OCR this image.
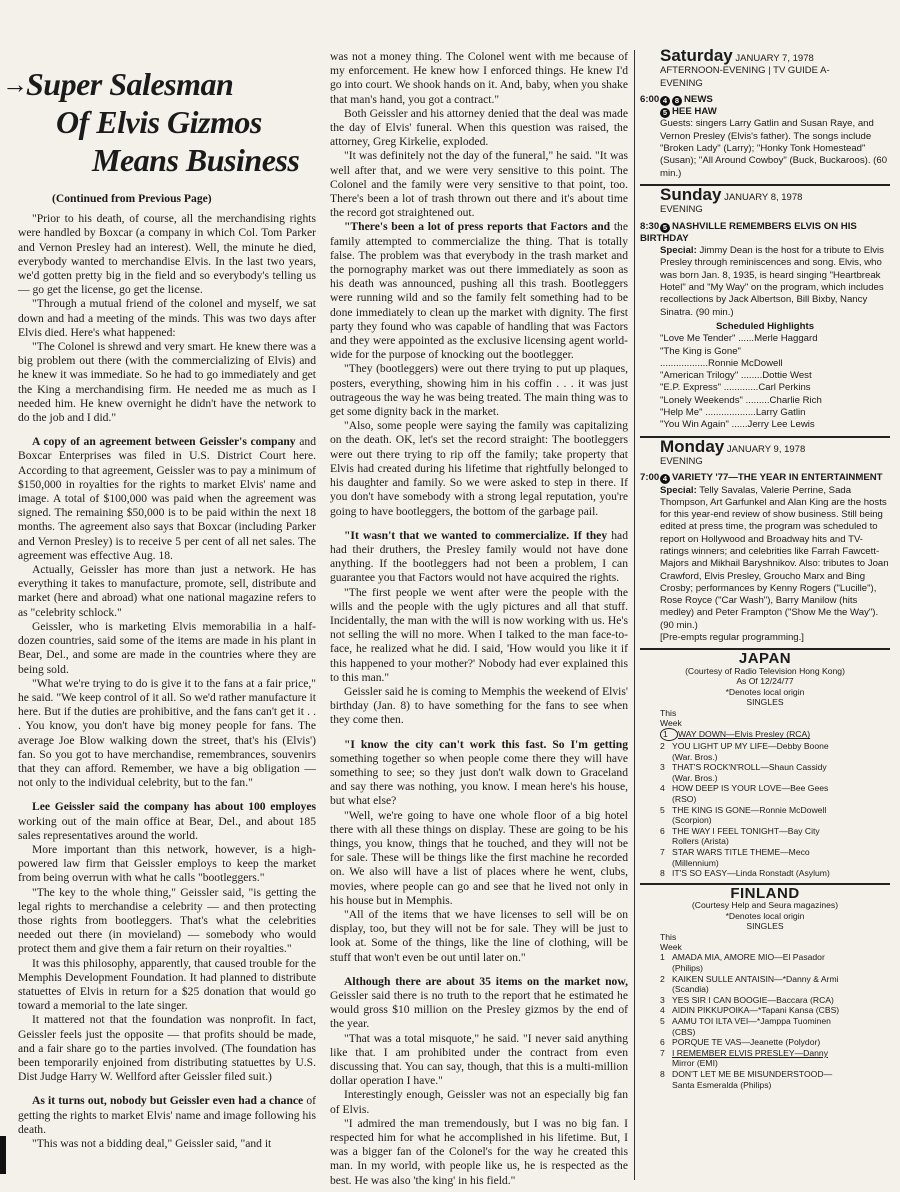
→
Super Salesman
Of Elvis Gizmos
Means Business

(Continued from Previous Page)

"Prior to his death, of course, all the merchandising rights were handled by Boxcar (a company in which Col. Tom Parker and Vernon Presley had an interest). Well, the minute he died, everybody wanted to merchandise Elvis. In the last two years, we'd gotten pretty big in the field and so everybody's telling us — go get the license, go get the license.

"Through a mutual friend of the colonel and myself, we sat down and had a meeting of the minds. This was two days after Elvis died. Here's what happened:

"The Colonel is shrewd and very smart. He knew there was a big problem out there (with the commercializing of Elvis) and he knew it was immediate. So he had to go immediately and get the King a merchandising firm. He needed me as much as I needed him. He knew overnight he didn't have the network to do the job and I did."

A copy of an agreement between Geissler's company and Boxcar Enterprises was filed in U.S. District Court here. According to that agreement, Geissler was to pay a minimum of $150,000 in royalties for the rights to market Elvis' name and image. A total of $100,000 was paid when the agreement was signed. The remaining $50,000 is to be paid within the next 18 months. The agreement also says that Boxcar (including Parker and Vernon Presley) is to receive 5 per cent of all net sales. The agreement was effective Aug. 18.

Actually, Geissler has more than just a network. He has everything it takes to manufacture, promote, sell, distribute and market (here and abroad) what one national magazine refers to as "celebrity schlock."

Geissler, who is marketing Elvis memorabilia in a half-dozen countries, said some of the items are made in his plant in Bear, Del., and some are made in the countries where they are being sold.

"What we're trying to do is give it to the fans at a fair price," he said. "We keep control of it all. So we'd rather manufacture it here. But if the duties are prohibitive, and the fans can't get it . . . You know, you don't have big money people for fans. The average Joe Blow walking down the street, that's his (Elvis') fan. So you got to have merchandise, remembrances, souvenirs that they can afford. Remember, we have a big obligation — not only to the individual celebrity, but to the fan."

Lee Geissler said the company has about 100 employes working out of the main office at Bear, Del., and about 185 sales representatives around the world.

More important than this network, however, is a high-powered law firm that Geissler employs to keep the market from being overrun with what he calls "bootleggers."

"The key to the whole thing," Geissler said, "is getting the legal rights to merchandise a celebrity — and then protecting those rights from bootleggers. That's what the celebrities needed out there (in movieland) — somebody who would protect them and give them a fair return on their royalties."

It was this philosophy, apparently, that caused trouble for the Memphis Development Foundation. It had planned to distribute statuettes of Elvis in return for a $25 donation that would go toward a memorial to the late singer.

It mattered not that the foundation was nonprofit. In fact, Geissler feels just the opposite — that profits should be made, and a fair share go to the parties involved. (The foundation has been temporarily enjoined from distributing statuettes by U.S. Dist Judge Harry W. Wellford after Geissler filed suit.)

As it turns out, nobody but Geissler even had a chance of getting the rights to market Elvis' name and image following his death.

"This was not a bidding deal," Geissler said, "and it

was not a money thing. The Colonel went with me because of my enforcement. He knew how I enforced things. He knew I'd go into court. We shook hands on it. And, baby, when you shake that man's hand, you got a contract."

Both Geissler and his attorney denied that the deal was made the day of Elvis' funeral. When this question was raised, the attorney, Greg Kirkelie, exploded.

"It was definitely not the day of the funeral," he said. "It was well after that, and we were very sensitive to this point. The Colonel and the family were very sensitive to that point, too. There's been a lot of trash thrown out there and it's about time the record got straightened out.

"There's been a lot of press reports that Factors and the family attempted to commercialize the thing. That is totally false. The problem was that everybody in the trash market and the pornography market was out there immediately as soon as his death was announced, pushing all this trash. Bootleggers were running wild and so the family felt something had to be done immediately to clean up the market with dignity. The first party they found who was capable of handling that was Factors and they were appointed as the exclusive licensing agent world-wide for the purpose of knocking out the bootlegger.

"They (bootleggers) were out there trying to put up plaques, posters, everything, showing him in his coffin . . . it was just outrageous the way he was being treated. The main thing was to get some dignity back in the market.

"Also, some people were saying the family was capitalizing on the death. OK, let's set the record straight: The bootleggers were out there trying to rip off the family; take property that Elvis had created during his lifetime that rightfully belonged to his daughter and family. So we were asked to step in there. If you don't have somebody with a strong legal reputation, you're going to have bootleggers, the bottom of the garbage pail.

"It wasn't that we wanted to commercialize. If they had had their druthers, the Presley family would not have done anything. If the bootleggers had not been a problem, I can guarantee you that Factors would not have acquired the rights.

"The first people we went after were the people with the wills and the people with the ugly pictures and all that stuff. Incidentally, the man with the will is now working with us. He's not selling the will no more. When I talked to the man face-to-face, he realized what he did. I said, 'How would you like it if this happened to your mother?' Nobody had ever explained this to this man."

Geissler said he is coming to Memphis the weekend of Elvis' birthday (Jan. 8) to have something for the fans to see when they come then.

"I know the city can't work this fast. So I'm getting something together so when people come there they will have something to see; so they just don't walk down to Graceland and say there was nothing, you know. I mean here's his house, but what else?

"Well, we're going to have one whole floor of a big hotel there with all these things on display. These are going to be his things, you know, things that he touched, and they will not be for sale. These will be things like the first machine he recorded on. We also will have a list of places where he went, clubs, movies, where people can go and see that he lived not only in his house but in Memphis.

"All of the items that we have licenses to sell will be on display, too, but they will not be for sale. They will be just to look at. Some of the things, like the line of clothing, will be stuff that won't even be out until later on."

Although there are about 35 items on the market now, Geissler said there is no truth to the report that he estimated he would gross $10 million on the Presley gizmos by the end of the year.

"That was a total misquote," he said. "I never said anything like that. I am prohibited under the contract from even discussing that. You can say, though, that this is a multi-million dollar operation I have."

Interestingly enough, Geissler was not an especially big fan of Elvis.

"I admired the man tremendously, but I was no big fan. I respected him for what he accomplished in his lifetime. But, I was a bigger fan of the Colonel's for the way he created this man. In my world, with people like us, he is respected as the best. He was also 'the king' in his field."

Saturday JANUARY 7, 1978
AFTERNOON-EVENING | TV GUIDE A-
EVENING
6:00 4 8 NEWS
5 HEE HAW
Guests: singers Larry Gatlin and Susan Raye, and Vernon Presley (Elvis's father). The songs include "Broken Lady" (Larry); "Honky Tonk Homestead" (Susan); "All Around Cowboy" (Buck, Buckaroos). (60 min.)
Sunday JANUARY 8, 1978
EVENING
8:30 5 NASHVILLE REMEMBERS ELVIS ON HIS BIRTHDAY
Special: Jimmy Dean is the host for a tribute to Elvis Presley through reminiscences and song. Elvis, who was born Jan. 8, 1935, is heard singing "Heartbreak Hotel" and "My Way" on the program, which includes recollections by Jack Albertson, Bill Bixby, Nancy Sinatra. (90 min.)
Scheduled Highlights
"Love Me Tender" ......Merle Haggard
"The King is Gone"
..................Ronnie McDowell
"American Trilogy" ........Dottie West
"E.P. Express" .............Carl Perkins
"Lonely Weekends" .........Charlie Rich
"Help Me" ...................Larry Gatlin
"You Win Again" ......Jerry Lee Lewis
Monday JANUARY 9, 1978
EVENING
7:00 4 VARIETY '77—THE YEAR IN ENTERTAINMENT
Special: Telly Savalas, Valerie Perrine, Sada Thompson, Art Garfunkel and Alan King are the hosts for this year-end review of show business. Still being edited at press time, the program was scheduled to report on Hollywood and Broadway hits and TV-ratings winners; and celebrities like Farrah Fawcett-Majors and Mikhail Baryshnikov. Also: tributes to Joan Crawford, Elvis Presley, Groucho Marx and Bing Crosby; performances by Kenny Rogers ("Lucille"), Rose Royce ("Car Wash"), Barry Manilow (hits medley) and Peter Frampton ("Show Me the Way"). (90 min.)
[Pre-empts regular programming.]
JAPAN
(Courtesy of Radio Television Hong Kong)
As Of 12/24/77
*Denotes local origin
SINGLES
This
Week
1 WAY DOWN—Elvis Presley (RCA)
2 YOU LIGHT UP MY LIFE—Debby Boone
(War. Bros.)
3 THAT'S ROCK'N'ROLL—Shaun Cassidy
(War. Bros.)
4 HOW DEEP IS YOUR LOVE—Bee Gees
(RSO)
5 THE KING IS GONE—Ronnie McDowell
(Scorpion)
6 THE WAY I FEEL TONIGHT—Bay City
Rollers (Arista)
7 STAR WARS TITLE THEME—Meco
(Millennium)
8 IT'S SO EASY—Linda Ronstadt (Asylum)
FINLAND
(Courtesy Help and Seura magazines)
*Denotes local origin
SINGLES
This
Week
1 AMADA MIA, AMORE MIO—El Pasador
(Philips)
2 KAIKEN SULLE ANTAISIN—*Danny & Armi
(Scandia)
3 YES SIR I CAN BOOGIE—Baccara (RCA)
4 AIDIN PIKKUPOIKA—*Tapani Kansa (CBS)
5 AAMU TOI ILTA VEI—*Jamppa Tuominen
(CBS)
6 PORQUE TE VAS—Jeanette (Polydor)
7 I REMEMBER ELVIS PRESLEY—Danny
Mirror (EMI)
8 DON'T LET ME BE MISUNDERSTOOD—
Santa Esmeralda (Philips)
